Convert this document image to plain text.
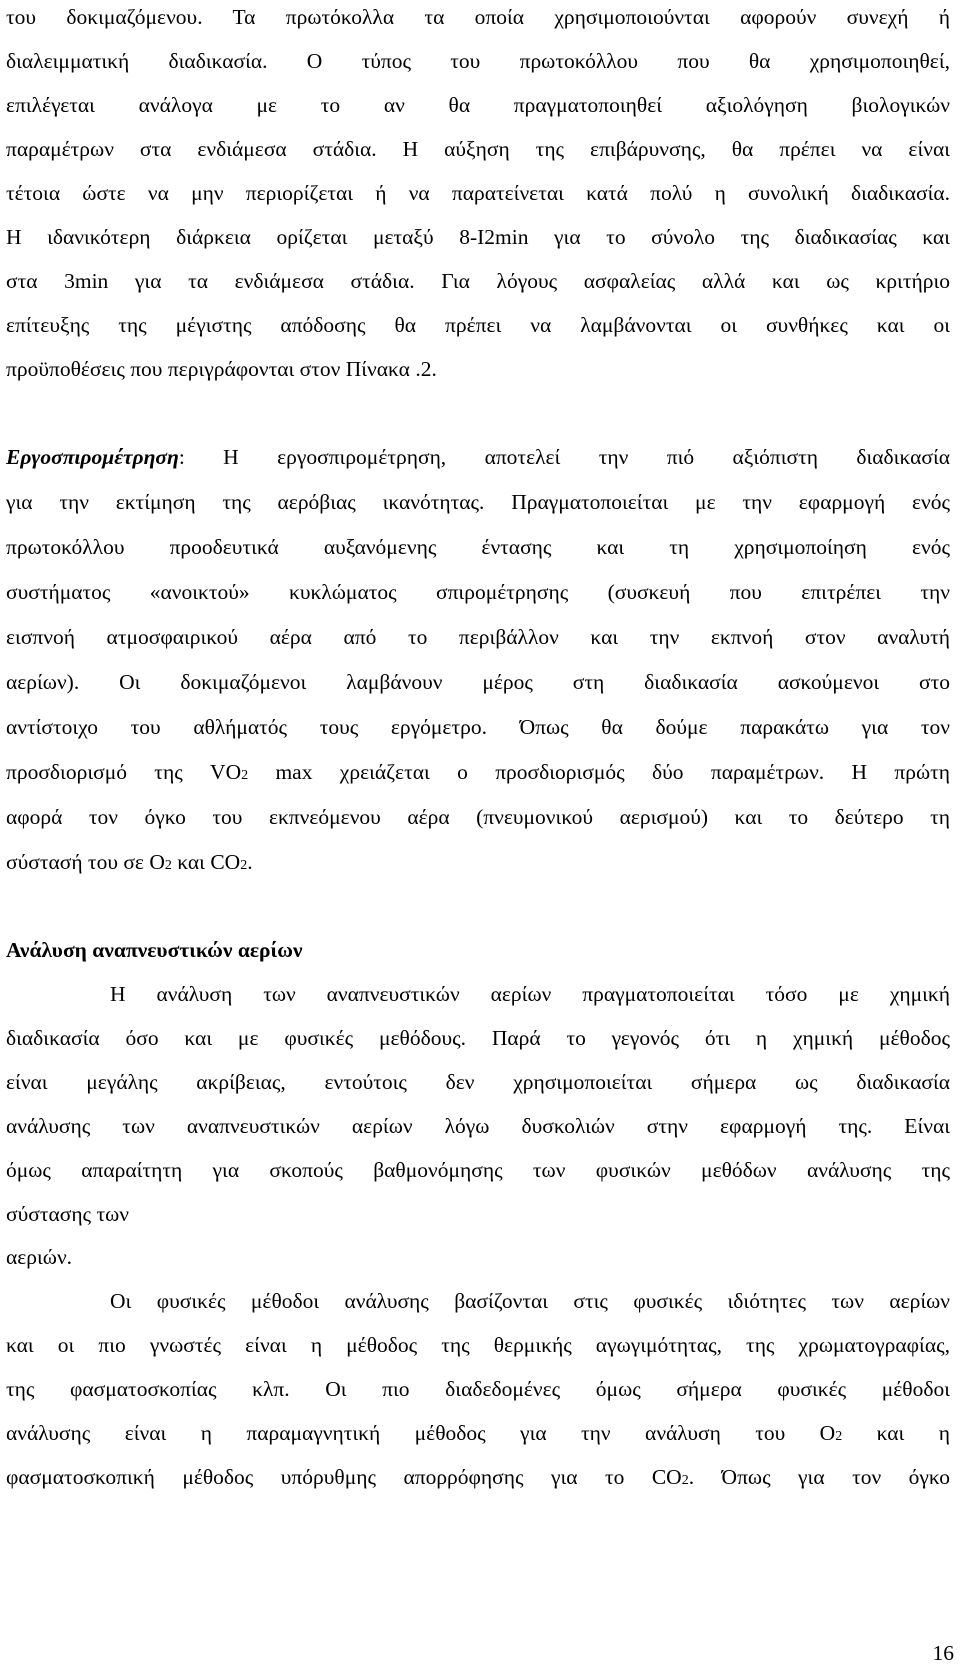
του δοκιμαζόμενου. Τα πρωτόκολλα τα οποία χρησιμοποιούνται αφορούν συνεχή ή
διαλειμματική διαδικασία. Ο τύπος του πρωτοκόλλου που θα χρησιμοποιηθεί,
επιλέγεται ανάλογα με το αν θα πραγματοποιηθεί αξιολόγηση βιολογικών
παραμέτρων στα ενδιάμεσα στάδια. Η αύξηση της επιβάρυνσης, θα πρέπει να είναι
τέτοια ώστε να μην περιορίζεται ή να παρατείνεται κατά πολύ η συνολική διαδικασία.
Η ιδανικότερη διάρκεια ορίζεται μεταξύ 8-I2min για το σύνολο της διαδικασίας και
στα 3min για τα ενδιάμεσα στάδια. Για λόγους ασφαλείας αλλά και ως κριτήριο
επίτευξης της μέγιστης απόδοσης θα πρέπει να λαμβάνονται οι συνθήκες και οι
προϋποθέσεις που περιγράφονται στον Πίνακα .2.
Εργοσπιρομέτρηση: Η εργοσπιρομέτρηση, αποτελεί την πιό αξιόπιστη διαδικασία
για την εκτίμηση της αερόβιας ικανότητας. Πραγματοποιείται με την εφαρμογή ενός
πρωτοκόλλου προοδευτικά αυξανόμενης έντασης και τη χρησιμοποίηση ενός
συστήματος «ανοικτού» κυκλώματος σπιρομέτρησης (συσκευή που επιτρέπει την
εισπνοή ατμοσφαιρικού αέρα από το περιβάλλον και την εκπνοή στον αναλυτή
αερίων). Οι δοκιμαζόμενοι λαμβάνουν μέρος στη διαδικασία ασκούμενοι στο
αντίστοιχο του αθλήματός τους εργόμετρο. Όπως θα δούμε παρακάτω για τον
προσδιορισμό της VO2 max χρειάζεται ο προσδιορισμός δύο παραμέτρων. Η πρώτη
αφορά τον όγκο του εκπνεόμενου αέρα (πνευμονικού αερισμού) και το δεύτερο τη
σύστασή του σε O2 και CO2.
Ανάλυση αναπνευστικών αερίων
Η ανάλυση των αναπνευστικών αερίων πραγματοποιείται τόσο με χημική
διαδικασία όσο και με φυσικές μεθόδους. Παρά το γεγονός ότι η χημική μέθοδος
είναι μεγάλης ακρίβειας, εντούτοις δεν χρησιμοποιείται σήμερα ως διαδικασία
ανάλυσης των αναπνευστικών αερίων λόγω δυσκολιών στην εφαρμογή της. Είναι
όμως απαραίτητη για σκοπούς βαθμονόμησης των φυσικών μεθόδων ανάλυσης της
σύστασης των
αεριών.
Οι φυσικές μέθοδοι ανάλυσης βασίζονται στις φυσικές ιδιότητες των αερίων
και οι πιο γνωστές είναι η μέθοδος της θερμικής αγωγιμότητας, της χρωματογραφίας,
της φασματοσκοπίας κλπ. Οι πιο διαδεδομένες όμως σήμερα φυσικές μέθοδοι
ανάλυσης είναι η παραμαγνητική μέθοδος για την ανάλυση του O2 και η
φασματοσκοπική μέθοδος υπόρυθμης απορρόφησης για το CO2. Όπως για τον όγκο
16
